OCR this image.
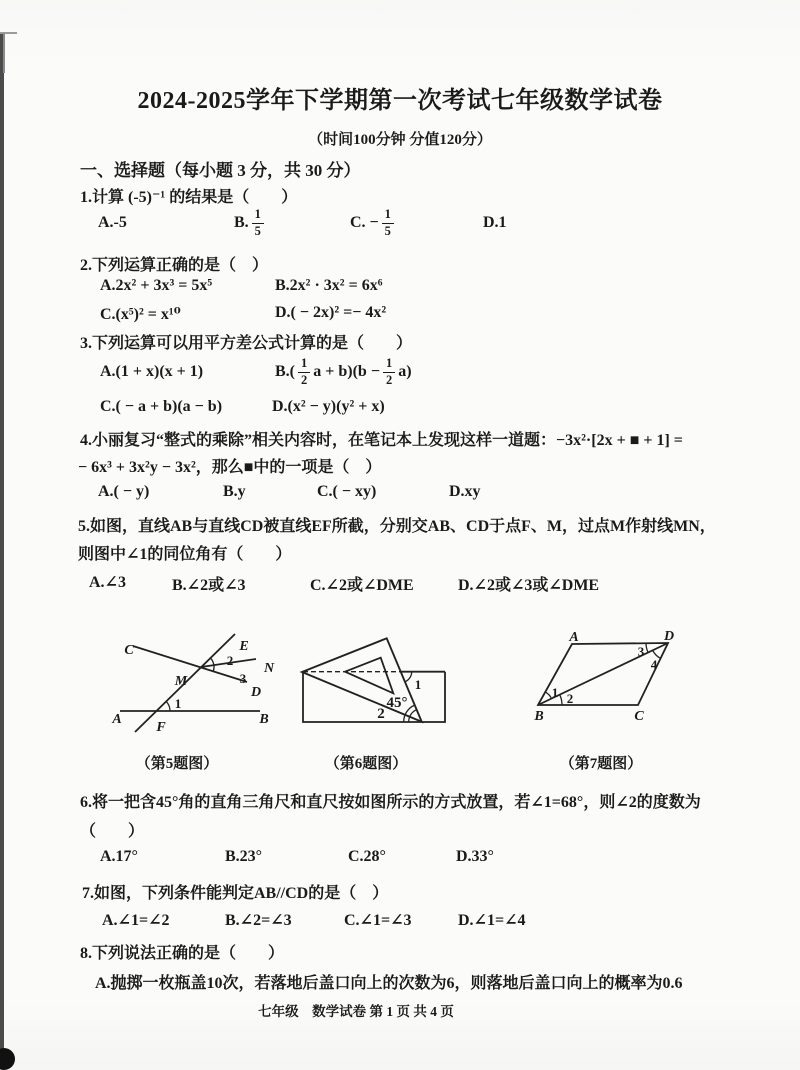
2024-2025学年下学期第一次考试七年级数学试卷
（时间100分钟 分值120分）
一、选择题（每小题 3 分，共 30 分）
1.计算 (-5)⁻¹ 的结果是（　　）
A.-5	B. $\frac{1}{5}$	C. − $\frac{1}{5}$	D.1
2.下列运算正确的是（　）
A.2x² + 3x³ = 5x⁵	B.2x² · 3x² = 6x⁶
C.(x⁵)² = x¹⁰	D.( − 2x)² =− 4x²
3.下列运算可以用平方差公式计算的是（　　）
A.(1 + x)(x + 1)	$B.( \frac{1}{2}$ $a + b)(b - \frac{1}{2} a)$
C.( − a + b)(a − b)	D.(x² − y)(y² + x)
4.小丽复习“整式的乘除”相关内容时，在笔记本上发现这样一道题：−3x²·[2x + ■ + 1] =
− 6x³ + 3x²y − 3x²，那么■中的一项是（　）
A.( − y)	B.y	C.( − xy)	D.xy
5.如图，直线AB与直线CD被直线EF所截，分别交AB、CD于点F、M，过点M作射线MN，
则图中∠1的同位角有（　　）
A.∠3	B.∠2或∠3	C.∠2或∠DME	D.∠2或∠3或∠DME
C	E
N
M
D
A	B
F
1
2
3	1
45°
2
A	D
B	C
1 2
3
4
（第5题图）	（第6题图）	（第7题图）
6.将一把含45°角的直角三角尺和直尺按如图所示的方式放置，若∠1=68°，则∠2的度数为
（　　）
A.17°	B.23°	C.28°	D.33°
7.如图，下列条件能判定AB//CD的是（　）
A.∠1=∠2	B.∠2=∠3	C.∠1=∠3	D.∠1=∠4
8.下列说法正确的是（　　）
A.抛掷一枚瓶盖10次，若落地后盖口向上的次数为6，则落地后盖口向上的概率为0.6
七年级　数学试卷 第 1 页 共 4 页
